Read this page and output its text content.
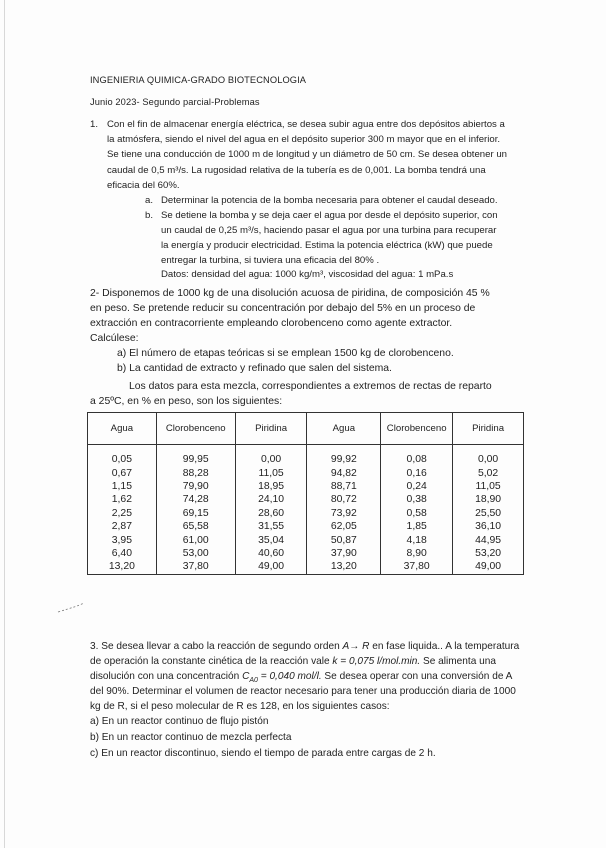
INGENIERIA QUIMICA-GRADO BIOTECNOLOGIA
Junio 2023- Segundo parcial-Problemas
1. Con el fin de almacenar energía eléctrica, se desea subir agua entre dos depósitos abiertos a
la atmósfera, siendo el nivel del agua en el depósito superior 300 m mayor que en el inferior.
Se tiene una conducción de 1000 m de longitud y un diámetro de 50 cm. Se desea obtener un
caudal de 0,5 m³/s. La rugosidad relativa de la tubería es de 0,001. La bomba tendrá una
eficacia del 60%.
a. Determinar la potencia de la bomba necesaria para obtener el caudal deseado.
b. Se detiene la bomba y se deja caer el agua por desde el depósito superior, con
un caudal de 0,25 m³/s, haciendo pasar el agua por una turbina para recuperar
la energía y producir electricidad. Estima la potencia eléctrica (kW) que puede
entregar la turbina, si tuviera una eficacia del 80% .
Datos: densidad del agua: 1000 kg/m³, viscosidad del agua: 1 mPa.s
2- Disponemos de 1000 kg de una disolución acuosa de piridina, de composición 45 %
en peso. Se pretende reducir su concentración por debajo del 5% en un proceso de
extracción en contracorriente empleando clorobenceno como agente extractor.
Calcúlese:
a) El número de etapas teóricas si se emplean 1500 kg de clorobenceno.
b) La cantidad de extracto y refinado que salen del sistema.
Los datos para esta mezcla, correspondientes a extremos de rectas de reparto
a 25ºC, en % en peso, son los siguientes:
Agua	Clorobenceno	Piridina	Agua	Clorobenceno	Piridina
0,05	99,95	0,00	99,92	0,08	0,00
0,67	88,28	11,05	94,82	0,16	5,02
1,15	79,90	18,95	88,71	0,24	11,05
1,62	74,28	24,10	80,72	0,38	18,90
2,25	69,15	28,60	73,92	0,58	25,50
2,87	65,58	31,55	62,05	1,85	36,10
3,95	61,00	35,04	50,87	4,18	44,95
6,40	53,00	40,60	37,90	8,90	53,20
13,20	37,80	49,00	13,20	37,80	49,00
3. Se desea llevar a cabo la reacción de segundo orden A→ R en fase liquida.. A la temperatura
de operación la constante cinética de la reacción vale k = 0,075 l/mol.min. Se alimenta una
disolución con una concentración $C_{A0} = 0,040$ mol/l. Se desea operar con una conversión de A
del 90%. Determinar el volumen de reactor necesario para tener una producción diaria de 1000
kg de R, si el peso molecular de R es 128, en los siguientes casos:
a) En un reactor continuo de flujo pistón
b) En un reactor continuo de mezcla perfecta
c) En un reactor discontinuo, siendo el tiempo de parada entre cargas de 2 h.
